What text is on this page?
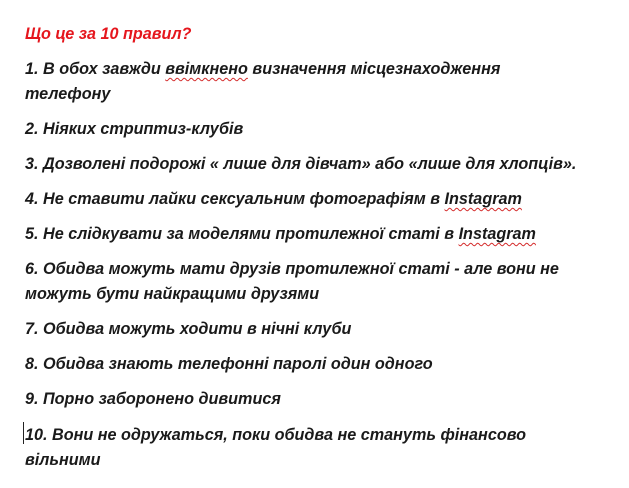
Що це за 10 правил?

1. В обох завжди ввімкнено визначення місцезнаходження

телефону

2. Ніяких стриптиз-клубів

3. Дозволені подорожі « лише для дівчат» або «лише для хлопців».

4. Не ставити лайки сексуальним фотографіям в Instagram

5. Не слідкувати за моделями протилежної статі в Instagram

6. Обидва можуть мати друзів протилежної статі - але вони не

можуть бути найкращими друзями

7. Обидва можуть ходити в нічні клуби

8. Обидва знають телефонні паролі один одного

9. Порно заборонено дивитися

10. Вони не одружаться, поки обидва не стануть фінансово

вільними
